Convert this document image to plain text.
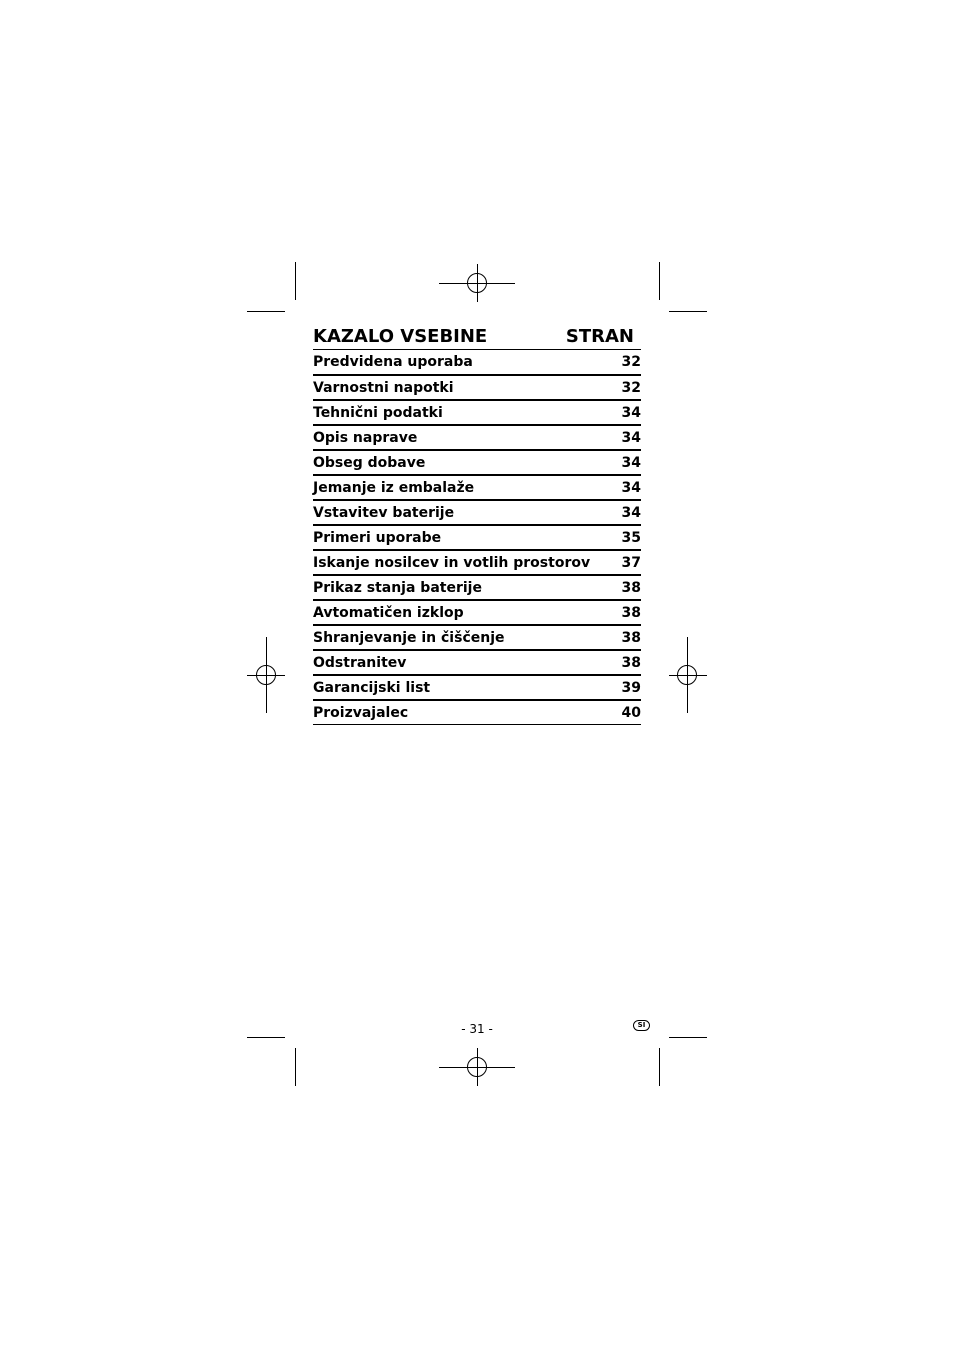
KAZALO VSEBINE	STRAN
Predvidena uporaba	32
Varnostni napotki	32
Tehnični podatki	34
Opis naprave	34
Obseg dobave	34
Jemanje iz embalaže	34
Vstavitev baterije	34
Primeri uporabe	35
Iskanje nosilcev in votlih prostorov 37
Prikaz stanja baterije	38
Avtomatičen izklop	38
Shranjevanje in čiščenje	38
Odstranitev	38
Garancijski list	39
Proizvajalec	40
- 31 -	SI
